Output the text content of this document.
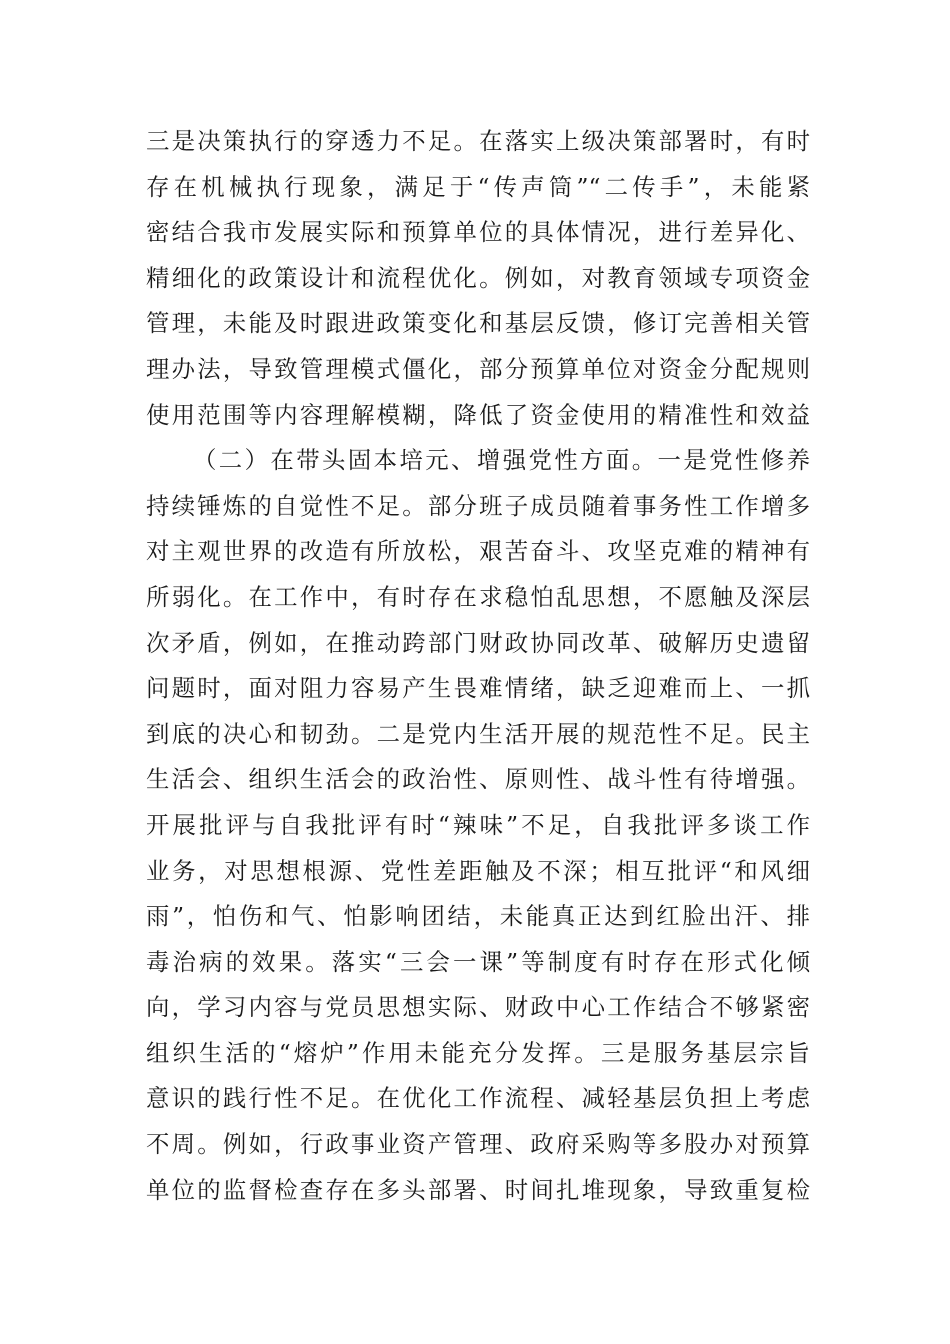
三是决策执行的穿透力不足。在落实上级决策部署时，有时
存在机械执行现象，满足于“传声筒”“二传手”，未能紧
密结合我市发展实际和预算单位的具体情况，进行差异化、
精细化的政策设计和流程优化。例如，对教育领域专项资金
管理，未能及时跟进政策变化和基层反馈，修订完善相关管
理办法，导致管理模式僵化，部分预算单位对资金分配规则
使用范围等内容理解模糊，降低了资金使用的精准性和效益
（二）在带头固本培元、增强党性方面。一是党性修养
持续锤炼的自觉性不足。部分班子成员随着事务性工作增多
对主观世界的改造有所放松，艰苦奋斗、攻坚克难的精神有
所弱化。在工作中，有时存在求稳怕乱思想，不愿触及深层
次矛盾，例如，在推动跨部门财政协同改革、破解历史遗留
问题时，面对阻力容易产生畏难情绪，缺乏迎难而上、一抓
到底的决心和韧劲。二是党内生活开展的规范性不足。民主
生活会、组织生活会的政治性、原则性、战斗性有待增强。
开展批评与自我批评有时“辣味”不足，自我批评多谈工作
业务，对思想根源、党性差距触及不深；相互批评“和风细
雨”，怕伤和气、怕影响团结，未能真正达到红脸出汗、排
毒治病的效果。落实“三会一课”等制度有时存在形式化倾
向，学习内容与党员思想实际、财政中心工作结合不够紧密
组织生活的“熔炉”作用未能充分发挥。三是服务基层宗旨
意识的践行性不足。在优化工作流程、减轻基层负担上考虑
不周。例如，行政事业资产管理、政府采购等多股办对预算
单位的监督检查存在多头部署、时间扎堆现象，导致重复检
